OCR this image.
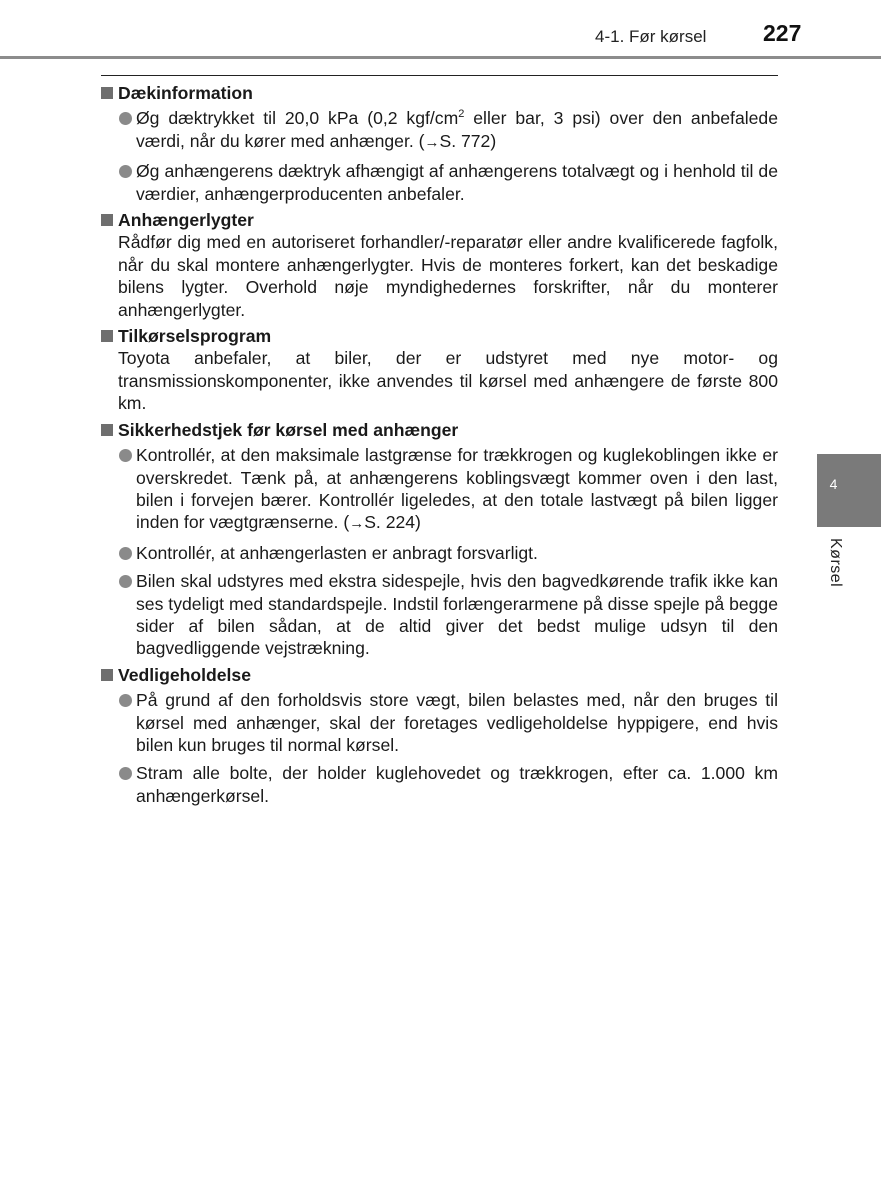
4-1. Før kørsel 227
4
Kørsel
Dækinformation
Øg dæktrykket til 20,0 kPa (0,2 kgf/$cm^2$ eller bar, 3 psi) over den anbefalede værdi, når du kører med anhænger. (→S. 772)
Øg anhængerens dæktryk afhængigt af anhængerens totalvægt og i henhold til de værdier, anhængerproducenten anbefaler.
Anhængerlygter
Rådfør dig med en autoriseret forhandler/-reparatør eller andre kvalificerede fagfolk, når du skal montere anhængerlygter. Hvis de monteres forkert, kan det beskadige bilens lygter. Overhold nøje myndighedernes forskrifter, når du monterer anhængerlygter.
Tilkørselsprogram
Toyota anbefaler, at biler, der er udstyret med nye motor- og transmissionskomponenter, ikke anvendes til kørsel med anhængere de første 800 km.
Sikkerhedstjek før kørsel med anhænger
Kontrollér, at den maksimale lastgrænse for trækkrogen og kuglekoblingen ikke er overskredet. Tænk på, at anhængerens koblingsvægt kommer oven i den last, bilen i forvejen bærer. Kontrollér ligeledes, at den totale lastvægt på bilen ligger inden for vægtgrænserne. (→S. 224)
Kontrollér, at anhængerlasten er anbragt forsvarligt.
Bilen skal udstyres med ekstra sidespejle, hvis den bagvedkørende trafik ikke kan ses tydeligt med standardspejle. Indstil forlængerarmene på disse spejle på begge sider af bilen sådan, at de altid giver det bedst mulige udsyn til den bagvedliggende vejstrækning.
Vedligeholdelse
På grund af den forholdsvis store vægt, bilen belastes med, når den bruges til kørsel med anhænger, skal der foretages vedligeholdelse hyppigere, end hvis bilen kun bruges til normal kørsel.
Stram alle bolte, der holder kuglehovedet og trækkrogen, efter ca. 1.000 km anhængerkørsel.
